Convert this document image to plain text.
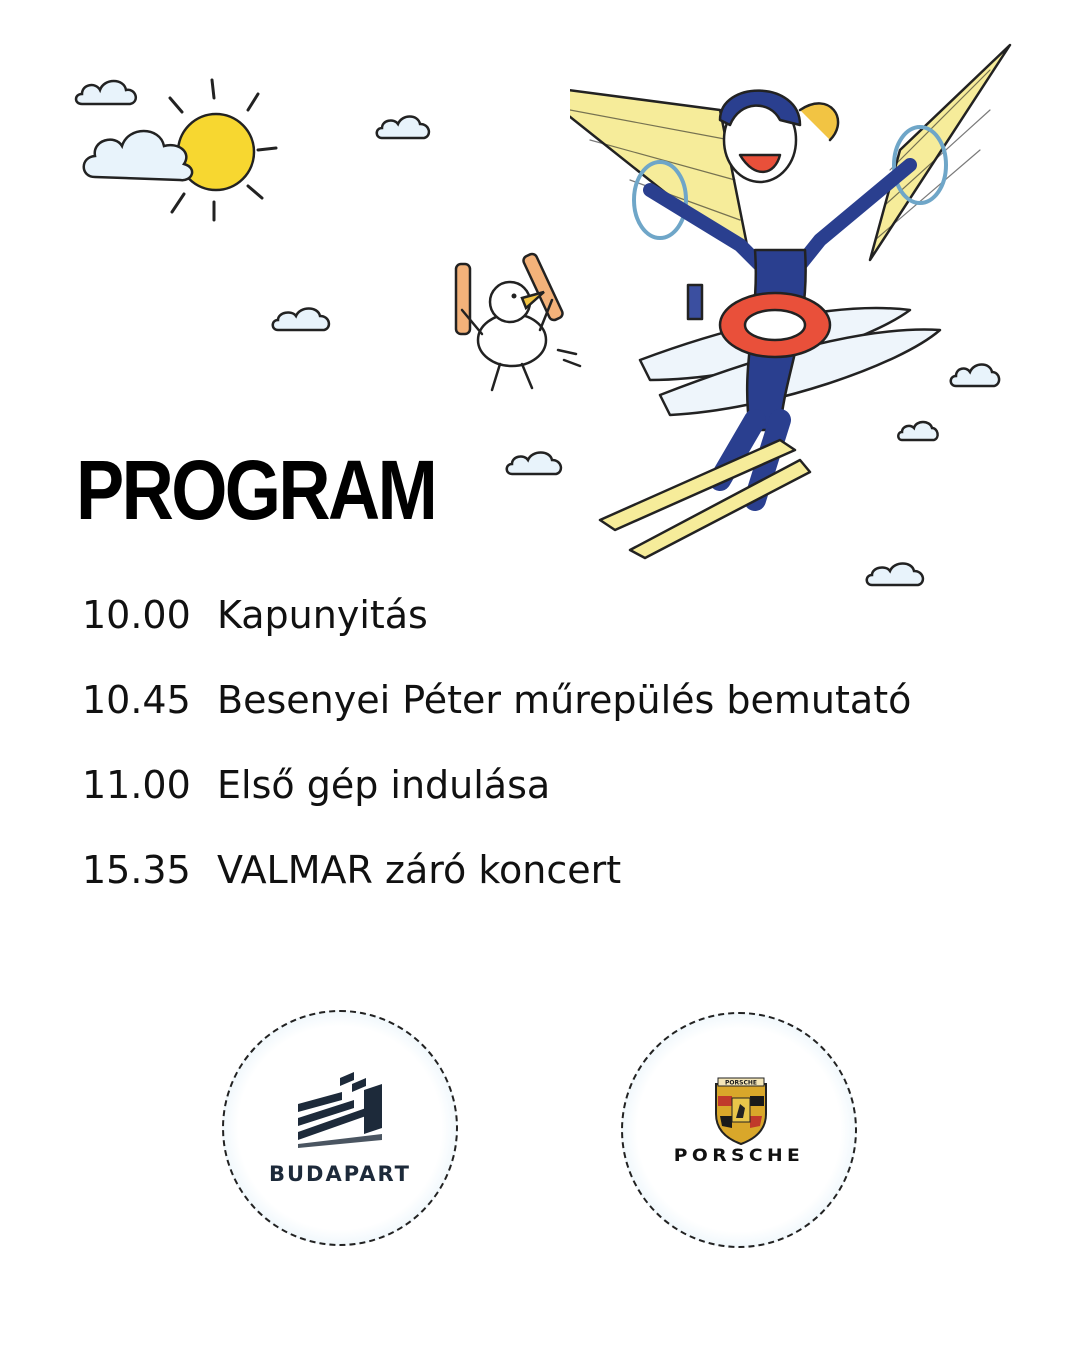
PROGRAM
10.00 Kapunyitás
10.45 Besenyei Péter műrepülés bemutató
11.00 Első gép indulása
15.35 VALMAR záró koncert
BUDAPART
PORSCHE
PORSCHE
